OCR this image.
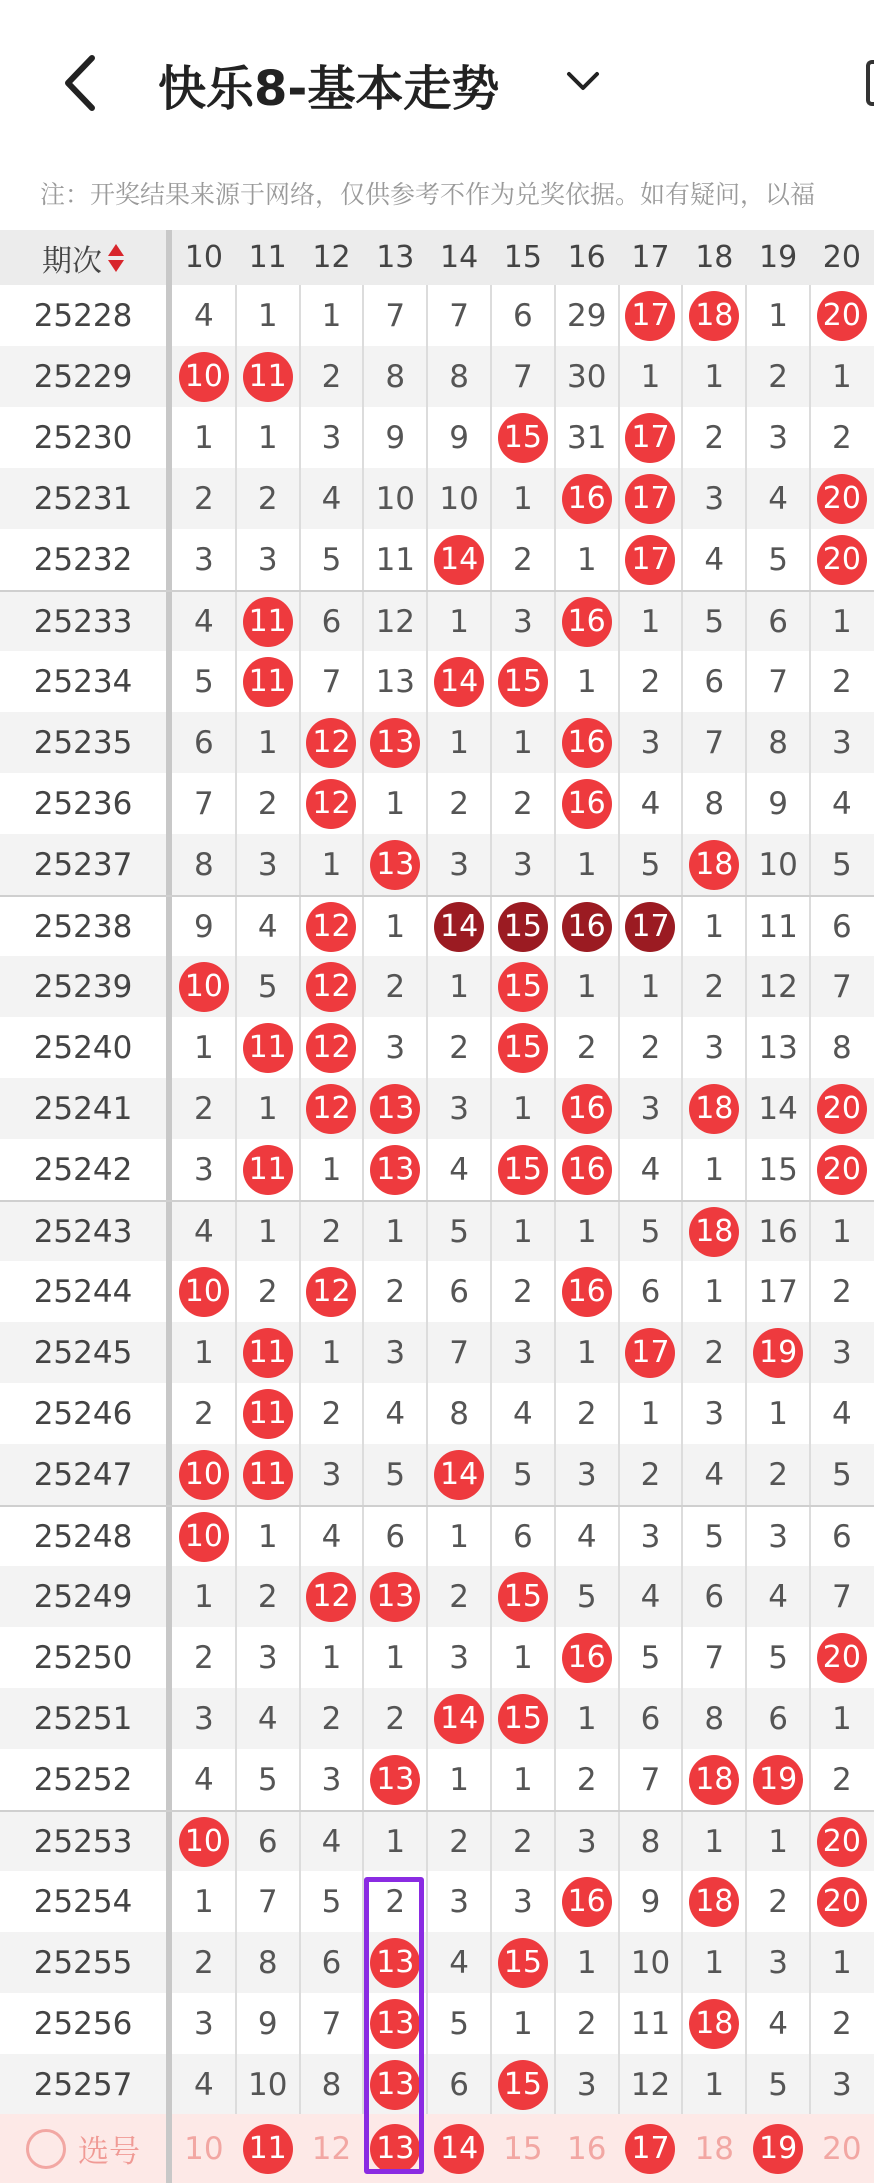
快乐8-基本走势
注：开奖结果来源于网络，仅供参考不作为兑奖依据。如有疑问，以福
期次	10 11 12 13 14 15 16 17 18 19 20
25228	4 1 1 7 7 6 29 17 18 1 20
25229	10 11 2 8 8 7 30 1 1 2 1
25230	1 1 3 9 9 15 31 17 2 3 2
25231	2 2 4 10 10 1 16 17 3 4 20
25232	3 3 5 11 14 2 1 17 4 5 20
25233	4 11 6 12 1 3 16 1 5 6 1
25234	5 11 7 13 14 15 1 2 6 7 2
25235	6 1 12 13 1 1 16 3 7 8 3
25236	7 2 12 1 2 2 16 4 8 9 4
25237	8 3 1 13 3 3 1 5 18 10 5
25238	9 4 12 1 14 15 16 17 1 11 6
25239	10 5 12 2 1 15 1 1 2 12 7
25240	1 11 12 3 2 15 2 2 3 13 8
25241	2 1 12 13 3 1 16 3 18 14 20
25242	3 11 1 13 4 15 16 4 1 15 20
25243	4 1 2 1 5 1 1 5 18 16 1
25244	10 2 12 2 6 2 16 6 1 17 2
25245	1 11 1 3 7 3 1 17 2 19 3
25246	2 11 2 4 8 4 2 1 3 1 4
25247	10 11 3 5 14 5 3 2 4 2 5
25248	10 1 4 6 1 6 4 3 5 3 6
25249	1 2 12 13 2 15 5 4 6 4 7
25250	2 3 1 1 3 1 16 5 7 5 20
25251	3 4 2 2 14 15 1 6 8 6 1
25252	4 5 3 13 1 1 2 7 18 19 2
25253	10 6 4 1 2 2 3 8 1 1 20
25254	1 7 5 2 3 3 16 9 18 2 20
25255	2 8 6 13 4 15 1 10 1 3 1
25256	3 9 7 13 5 1 2 11 18 4 2
25257	4 10 8 13 6 15 3 12 1 5 3
选号 10 11 12 13 14 15 16 17 18 19 20
